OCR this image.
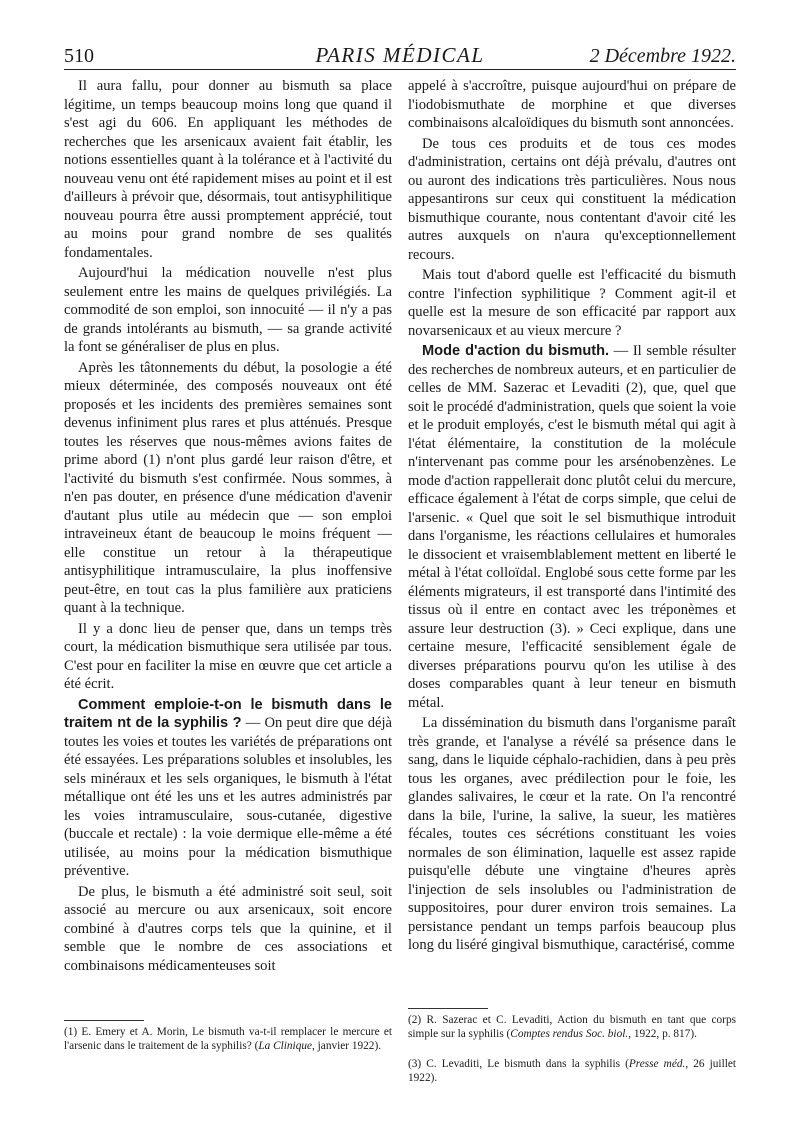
510	PARIS MÉDICAL	2 Décembre 1922.

Il aura fallu, pour donner au bismuth sa place légitime, un temps beaucoup moins long que quand il s'est agi du 606. En appliquant les méthodes de recherches que les arsenicaux avaient fait établir, les notions essentielles quant à la tolérance et à l'activité du nouveau venu ont été rapidement mises au point et il est d'ailleurs à prévoir que, désormais, tout antisyphilitique nouveau pourra être aussi promptement apprécié, tout au moins pour grand nombre de ses qualités fondamentales.

Aujourd'hui la médication nouvelle n'est plus seulement entre les mains de quelques privilégiés. La commodité de son emploi, son innocuité — il n'y a pas de grands intolérants au bismuth, — sa grande activité la font se généraliser de plus en plus.

Après les tâtonnements du début, la posologie a été mieux déterminée, des composés nouveaux ont été proposés et les incidents des premières semaines sont devenus infiniment plus rares et plus atténués. Presque toutes les réserves que nous-mêmes avions faites de prime abord (1) n'ont plus gardé leur raison d'être, et l'activité du bismuth s'est confirmée. Nous sommes, à n'en pas douter, en présence d'une médication d'avenir d'autant plus utile au médecin que — son emploi intraveineux étant de beaucoup le moins fréquent — elle constitue un retour à la thérapeutique antisyphilitique intramusculaire, la plus inoffensive peut-être, en tout cas la plus familière aux praticiens quant à la technique.

Il y a donc lieu de penser que, dans un temps très court, la médication bismuthique sera utilisée par tous. C'est pour en faciliter la mise en œuvre que cet article a été écrit.

Comment emploie-t-on le bismuth dans le traitem nt de la syphilis ? — On peut dire que déjà toutes les voies et toutes les variétés de préparations ont été essayées. Les préparations solubles et insolubles, les sels minéraux et les sels organiques, le bismuth à l'état métallique ont été les uns et les autres administrés par les voies intramusculaire, sous-cutanée, digestive (buccale et rectale) : la voie dermique elle-même a été utilisée, au moins pour la médication bismuthique préventive.

De plus, le bismuth a été administré soit seul, soit associé au mercure ou aux arsenicaux, soit encore combiné à d'autres corps tels que la quinine, et il semble que le nombre de ces associations et combinaisons médicamenteuses soit

appelé à s'accroître, puisque aujourd'hui on prépare de l'iodobismuthate de morphine et que diverses combinaisons alcaloïdiques du bismuth sont annoncées.

De tous ces produits et de tous ces modes d'administration, certains ont déjà prévalu, d'autres ont ou auront des indications très particulières. Nous nous appesantirons sur ceux qui constituent la médication bismuthique courante, nous contentant d'avoir cité les autres auxquels on n'aura qu'exceptionnellement recours.

Mais tout d'abord quelle est l'efficacité du bismuth contre l'infection syphilitique ? Comment agit-il et quelle est la mesure de son efficacité par rapport aux novarsenicaux et au vieux mercure ?

Mode d'action du bismuth. — Il semble résulter des recherches de nombreux auteurs, et en particulier de celles de MM. Sazerac et Levaditi (2), que, quel que soit le procédé d'administration, quels que soient la voie et le produit employés, c'est le bismuth métal qui agit à l'état élémentaire, la constitution de la molécule n'intervenant pas comme pour les arsénobenzènes. Le mode d'action rappellerait donc plutôt celui du mercure, efficace également à l'état de corps simple, que celui de l'arsenic. « Quel que soit le sel bismuthique introduit dans l'organisme, les réactions cellulaires et humorales le dissocient et vraisemblablement mettent en liberté le métal à l'état colloïdal. Englobé sous cette forme par les éléments migrateurs, il est transporté dans l'intimité des tissus où il entre en contact avec les tréponèmes et assure leur destruction (3). » Ceci explique, dans une certaine mesure, l'efficacité sensiblement égale de diverses préparations pourvu qu'on les utilise à des doses comparables quant à leur teneur en bismuth métal.

La dissémination du bismuth dans l'organisme paraît très grande, et l'analyse a révélé sa présence dans le sang, dans le liquide céphalo-rachidien, dans à peu près tous les organes, avec prédilection pour le foie, les glandes salivaires, le cœur et la rate. On l'a rencontré dans la bile, l'urine, la salive, la sueur, les matières fécales, toutes ces sécrétions constituant les voies normales de son élimination, laquelle est assez rapide puisqu'elle débute une vingtaine d'heures après l'injection de sels insolubles ou l'administration de suppositoires, pour durer environ trois semaines. La persistance pendant un temps parfois beaucoup plus long du liséré gingival bismuthique, caractérisé, comme

(1) E. Emery et A. Morin, Le bismuth va-t-il remplacer le mercure et l'arsenic dans le traitement de la syphilis? (La Clinique, janvier 1922).
(2) R. Sazerac et C. Levaditi, Action du bismuth en tant que corps simple sur la syphilis (Comptes rendus Soc. biol., 1922, p. 817).
(3) C. Levaditi, Le bismuth dans la syphilis (Presse méd., 26 juillet 1922).
